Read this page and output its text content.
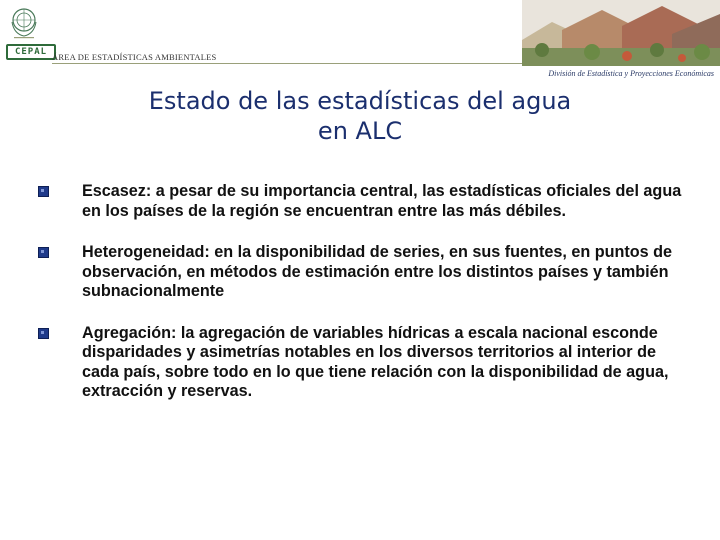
CEPAL ÁREA DE ESTADÍSTICAS AMBIENTALES
División de Estadística y Proyecciones Económicas
Estado de las estadísticas del agua
en ALC
Escasez: a pesar de su importancia central, las estadísticas oficiales del agua en los países de la región se encuentran entre las más débiles.
Heterogeneidad: en la disponibilidad de series, en sus fuentes, en puntos de observación, en métodos de estimación entre los distintos países y también subnacionalmente
Agregación: la agregación de variables hídricas a escala nacional esconde disparidades y asimetrías notables en los diversos territorios al interior de cada país, sobre todo en lo que tiene relación con la disponibilidad de agua, extracción y reservas.
